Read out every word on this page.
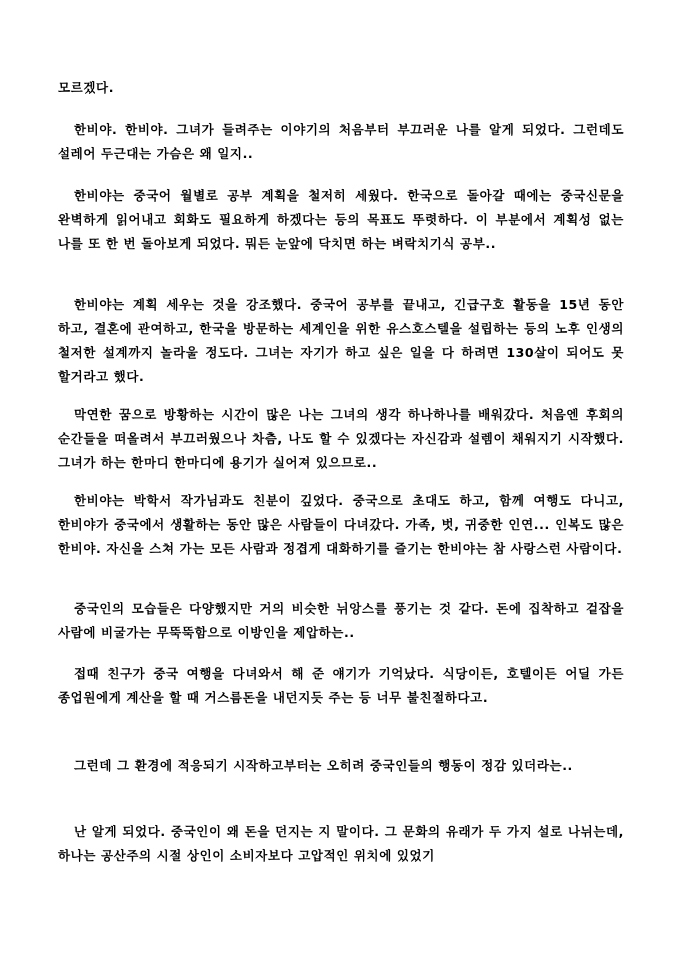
모르겠다.

한비야. 한비야. 그녀가 들려주는 이야기의 처음부터 부끄러운 나를 알게 되었다. 그런데도 설레어 두근대는 가슴은 왜 일지..

한비야는 중국어 월별로 공부 계획을 철저히 세웠다. 한국으로 돌아갈 때에는 중국신문을 완벽하게 읽어내고 회화도 필요하게 하겠다는 등의 목표도 뚜렷하다. 이 부분에서 계획성 없는 나를 또 한 번 돌아보게 되었다. 뭐든 눈앞에 닥치면 하는 벼락치기식 공부..

한비야는 계획 세우는 것을 강조했다. 중국어 공부를 끝내고, 긴급구호 활동을 15년 동안 하고, 결혼에 관여하고, 한국을 방문하는 세계인을 위한 유스호스텔을 설립하는 등의 노후 인생의 철저한 설계까지 놀라울 정도다. 그녀는 자기가 하고 싶은 일을 다 하려면 130살이 되어도 못 할거라고 했다.

막연한 꿈으로 방황하는 시간이 많은 나는 그녀의 생각 하나하나를 배워갔다. 처음엔 후회의 순간들을 떠올려서 부끄러웠으나 차츰, 나도 할 수 있겠다는 자신감과 설렘이 채워지기 시작했다. 그녀가 하는 한마디 한마디에 용기가 실어져 있으므로..

한비야는 박학서 작가님과도 친분이 깊었다. 중국으로 초대도 하고, 함께 여행도 다니고, 한비야가 중국에서 생활하는 동안 많은 사람들이 다녀갔다. 가족, 벗, 귀중한 인연... 인복도 많은 한비야. 자신을 스쳐 가는 모든 사람과 정겹게 대화하기를 즐기는 한비야는 참 사랑스런 사람이다.

중국인의 모습들은 다양했지만 거의 비슷한 뉘앙스를 풍기는 것 같다. 돈에 집착하고 겉잡을 사람에 비굴가는 무뚝뚝함으로 이방인을 제압하는..

접때 친구가 중국 여행을 다녀와서 해 준 얘기가 기억났다. 식당이든, 호텔이든 어딜 가든 종업원에게 계산을 할 때 거스름돈을 내던지듯 주는 등 너무 불친절하다고.

그런데 그 환경에 적응되기 시작하고부터는 오히려 중국인들의 행동이 정감 있더라는..

난 알게 되었다. 중국인이 왜 돈을 던지는 지 말이다. 그 문화의 유래가 두 가지 설로 나뉘는데, 하나는 공산주의 시절 상인이 소비자보다 고압적인 위치에 있었기
